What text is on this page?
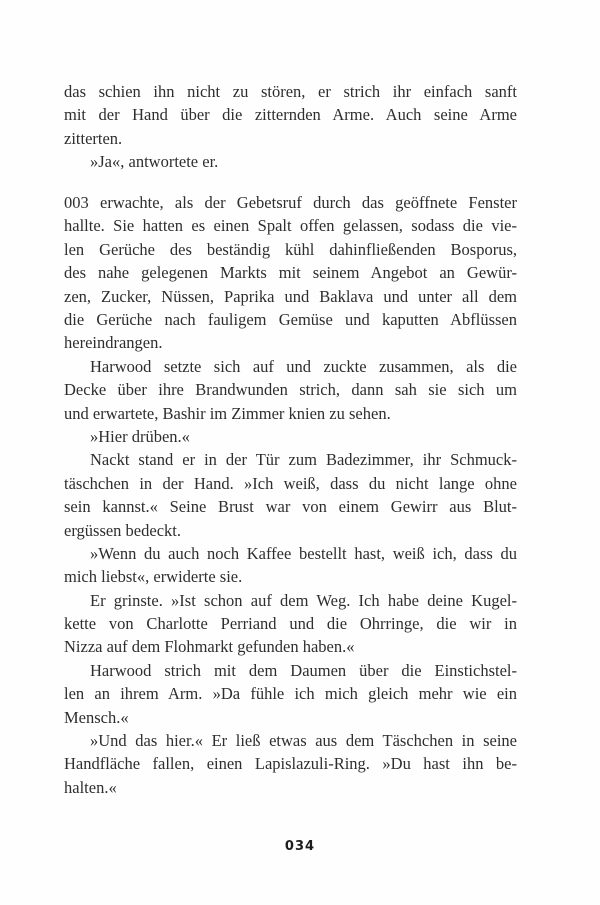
das schien ihn nicht zu stören, er strich ihr einfach sanft
mit der Hand über die zitternden Arme. Auch seine Arme
zitterten.
»Ja«, antwortete er.
003 erwachte, als der Gebetsruf durch das geöffnete Fenster
hallte. Sie hatten es einen Spalt offen gelassen, sodass die vie-
len Gerüche des beständig kühl dahinfließenden Bosporus,
des nahe gelegenen Markts mit seinem Angebot an Gewür-
zen, Zucker, Nüssen, Paprika und Baklava und unter all dem
die Gerüche nach fauligem Gemüse und kaputten Abflüssen
hereindrangen.
Harwood setzte sich auf und zuckte zusammen, als die
Decke über ihre Brandwunden strich, dann sah sie sich um
und erwartete, Bashir im Zimmer knien zu sehen.
»Hier drüben.«
Nackt stand er in der Tür zum Badezimmer, ihr Schmuck-
täschchen in der Hand. »Ich weiß, dass du nicht lange ohne
sein kannst.« Seine Brust war von einem Gewirr aus Blut-
ergüssen bedeckt.
»Wenn du auch noch Kaffee bestellt hast, weiß ich, dass du
mich liebst«, erwiderte sie.
Er grinste. »Ist schon auf dem Weg. Ich habe deine Kugel-
kette von Charlotte Perriand und die Ohrringe, die wir in
Nizza auf dem Flohmarkt gefunden haben.«
Harwood strich mit dem Daumen über die Einstichstel-
len an ihrem Arm. »Da fühle ich mich gleich mehr wie ein
Mensch.«
»Und das hier.« Er ließ etwas aus dem Täschchen in seine
Handfläche fallen, einen Lapislazuli-Ring. »Du hast ihn be-
halten.«
034
